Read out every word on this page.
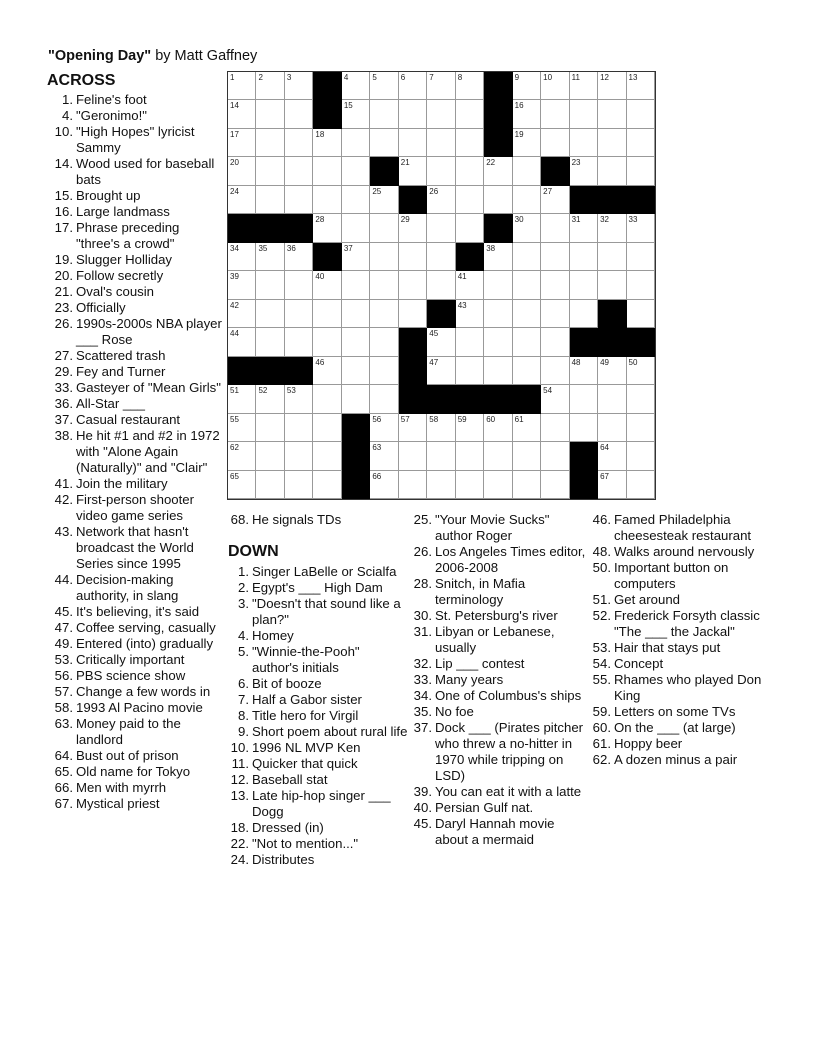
"Opening Day" by Matt Gaffney
ACROSS
1. Feline's foot
4. "Geronimo!"
10. "High Hopes" lyricist Sammy
14. Wood used for baseball bats
15. Brought up
16. Large landmass
17. Phrase preceding "three's a crowd"
19. Slugger Holliday
20. Follow secretly
21. Oval's cousin
23. Officially
26. 1990s-2000s NBA player ___ Rose
27. Scattered trash
29. Fey and Turner
33. Gasteyer of "Mean Girls"
36. All-Star ___
37. Casual restaurant
38. He hit #1 and #2 in 1972 with "Alone Again (Naturally)" and "Clair"
41. Join the military
42. First-person shooter video game series
43. Network that hasn't broadcast the World Series since 1995
44. Decision-making authority, in slang
45. It's believing, it's said
47. Coffee serving, casually
49. Entered (into) gradually
53. Critically important
56. PBS science show
57. Change a few words in
58. 1993 Al Pacino movie
63. Money paid to the landlord
64. Bust out of prison
65. Old name for Tokyo
66. Men with myrrh
67. Mystical priest
1	2	3	4	5	6	7	8	9	10 11	12 13
14	15	16
17	18	19
20	21	22	23
24	25	26	27
28	29	30	31 32 33
34 35 36	37	38
39	40	41
42	43
44	45
46	47	48 49 50
51 52 53	54
55	56 57 58 59 60 61
62	63	64
65	66	67
68. He signals TDs
DOWN
1. Singer LaBelle or Scialfa
2. Egypt's ___ High Dam
3. "Doesn't that sound like a plan?"
4. Homey
5. "Winnie-the-Pooh" author's initials
6. Bit of booze
7. Half a Gabor sister
8. Title hero for Virgil
9. Short poem about rural life
10. 1996 NL MVP Ken
11. Quicker that quick
12. Baseball stat
13. Late hip-hop singer ___ Dogg
18. Dressed (in)
22. "Not to mention..."
24. Distributes
25. "Your Movie Sucks" author Roger
26. Los Angeles Times editor, 2006-2008
28. Snitch, in Mafia terminology
30. St. Petersburg's river
31. Libyan or Lebanese, usually
32. Lip ___ contest
33. Many years
34. One of Columbus's ships
35. No foe
37. Dock ___ (Pirates pitcher who threw a no-hitter in 1970 while tripping on LSD)
39. You can eat it with a latte
40. Persian Gulf nat.
45. Daryl Hannah movie about a mermaid
46. Famed Philadelphia cheesesteak restaurant
48. Walks around nervously
50. Important button on computers
51. Get around
52. Frederick Forsyth classic "The ___ the Jackal"
53. Hair that stays put
54. Concept
55. Rhames who played Don King
59. Letters on some TVs
60. On the ___ (at large)
61. Hoppy beer
62. A dozen minus a pair
